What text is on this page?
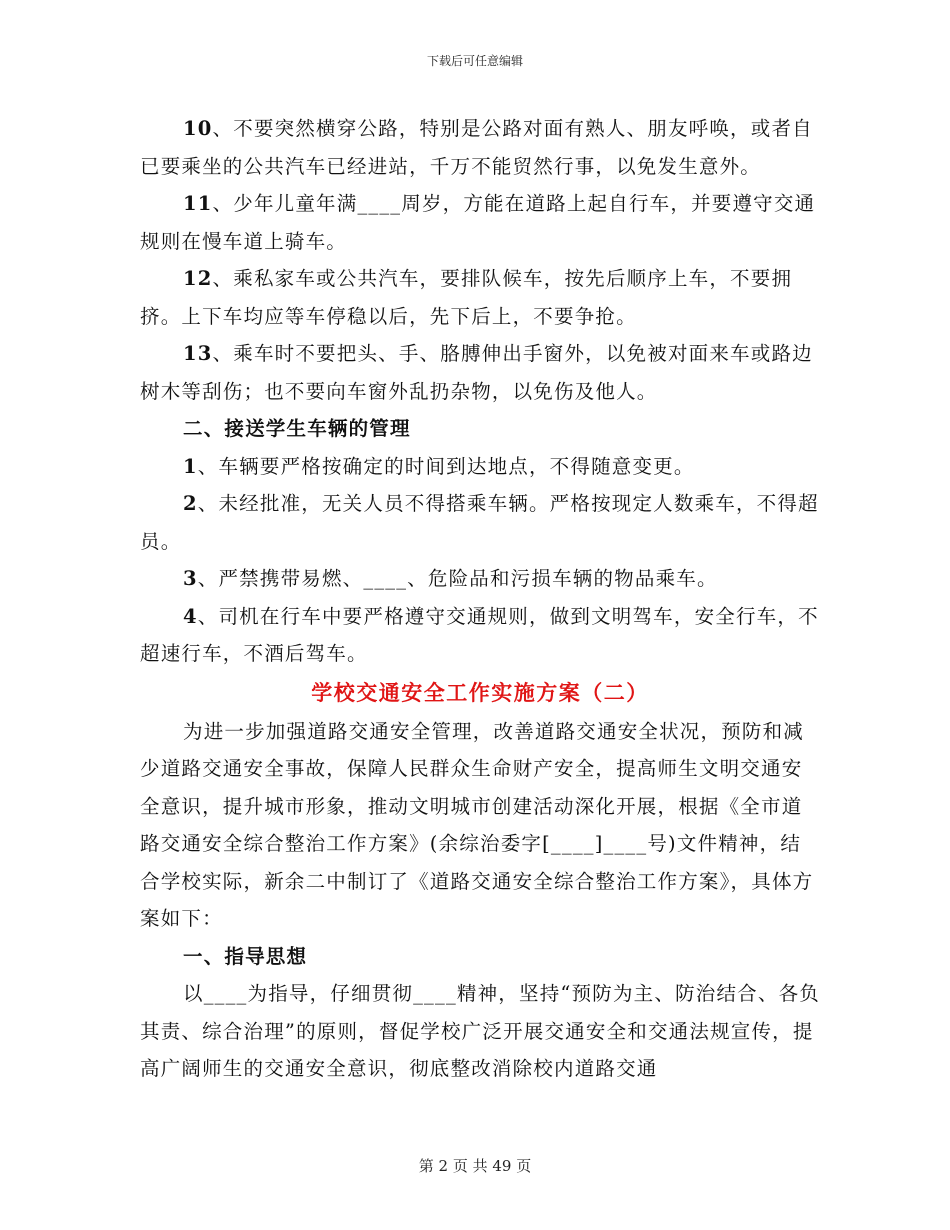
下载后可任意编辑

10、不要突然横穿公路，特别是公路对面有熟人、朋友呼唤，或者自已要乘坐的公共汽车已经进站，千万不能贸然行事，以免发生意外。

11、少年儿童年满____周岁，方能在道路上起自行车，并要遵守交通规则在慢车道上骑车。

12、乘私家车或公共汽车，要排队候车，按先后顺序上车，不要拥挤。上下车均应等车停稳以后，先下后上，不要争抢。

13、乘车时不要把头、手、胳膊伸出手窗外，以免被对面来车或路边树木等刮伤；也不要向车窗外乱扔杂物，以免伤及他人。

二、接送学生车辆的管理

1、车辆要严格按确定的时间到达地点，不得随意变更。

2、未经批准，无关人员不得搭乘车辆。严格按现定人数乘车，不得超员。

3、严禁携带易燃、____、危险品和污损车辆的物品乘车。

4、司机在行车中要严格遵守交通规则，做到文明驾车，安全行车，不超速行车，不酒后驾车。

学校交通安全工作实施方案（二）

为进一步加强道路交通安全管理，改善道路交通安全状况，预防和减少道路交通安全事故，保障人民群众生命财产安全，提高师生文明交通安全意识，提升城市形象，推动文明城市创建活动深化开展，根据《全市道路交通安全综合整治工作方案》(余综治委字[____]____号)文件精神，结合学校实际，新余二中制订了《道路交通安全综合整治工作方案》，具体方案如下：

一、指导思想

以____为指导，仔细贯彻____精神，坚持“预防为主、防治结合、各负其责、综合治理”的原则，督促学校广泛开展交通安全和交通法规宣传，提高广阔师生的交通安全意识，彻底整改消除校内道路交通

第 2 页 共 49 页
